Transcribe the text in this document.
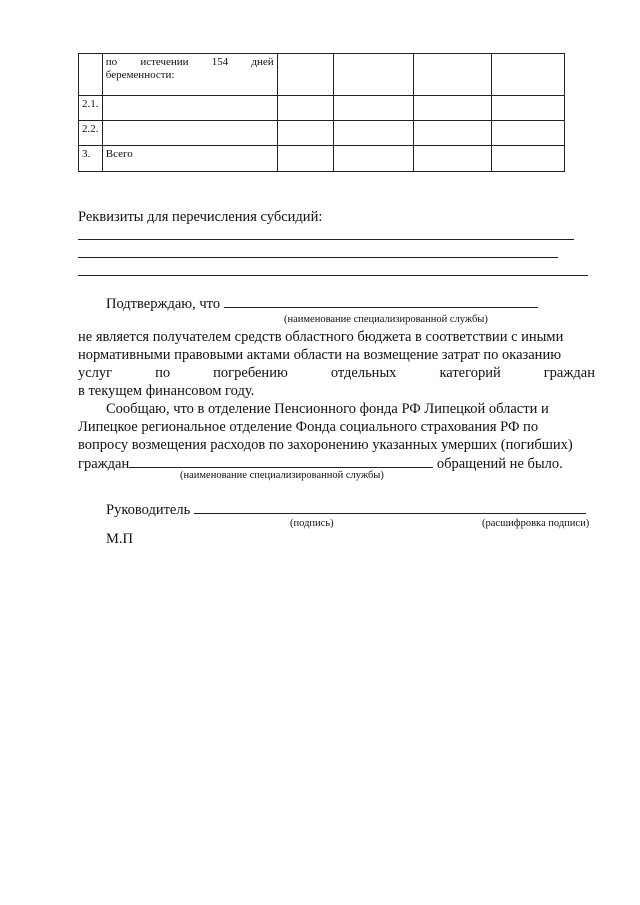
	по истечении 154 дней
беременности:				

2.1.					
2.2.					
3.	Всего				
Реквизиты для перечисления субсидий:
Подтверждаю, что
(наименование специализированной службы)
не является получателем средств областного бюджета в соответствии с иными
нормативными правовыми актами области на возмещение затрат по оказанию
услуг	по	погребению	отдельных	категорий	граждан
в текущем финансовом году.
Сообщаю, что в отделение Пенсионного фонда РФ Липецкой области и
Липецкое региональное отделение Фонда социального страхования РФ по
вопросу возмещения расходов по захоронению указанных умерших (погибших)
граждан	обращений не было.
(наименование специализированной службы)
Руководитель
(подпись)	(расшифровка подписи)
М.П
